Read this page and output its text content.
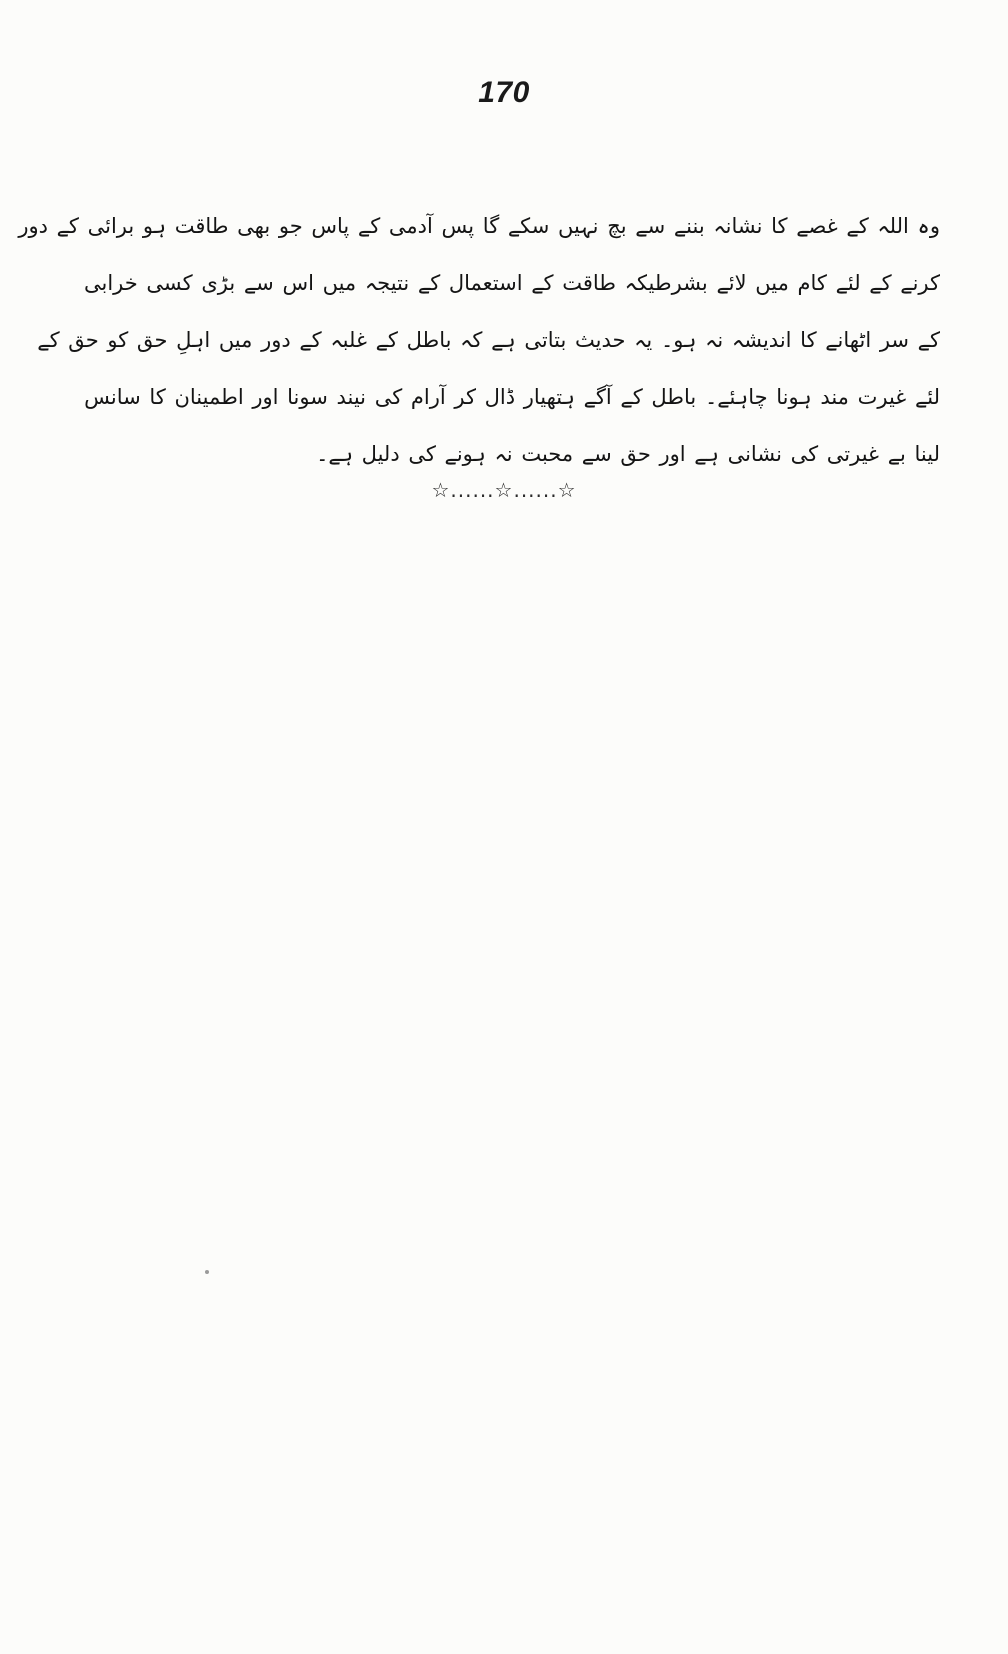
170
وہ اللہ کے غصے کا نشانہ بننے سے بچ نہیں سکے گا پس آدمی کے پاس جو بھی طاقت ہو برائی کے دور
کرنے کے لئے کام میں لائے بشرطیکہ طاقت کے استعمال کے نتیجہ میں اس سے بڑی کسی خرابی
کے سر اٹھانے کا اندیشہ نہ ہو۔ یہ حدیث بتاتی ہے کہ باطل کے غلبہ کے دور میں اہلِ حق کو حق کے
لئے غیرت مند ہونا چاہئے۔ باطل کے آگے ہتھیار ڈال کر آرام کی نیند سونا اور اطمینان کا سانس
لینا بے غیرتی کی نشانی ہے اور حق سے محبت نہ ہونے کی دلیل ہے۔
☆......☆......☆
